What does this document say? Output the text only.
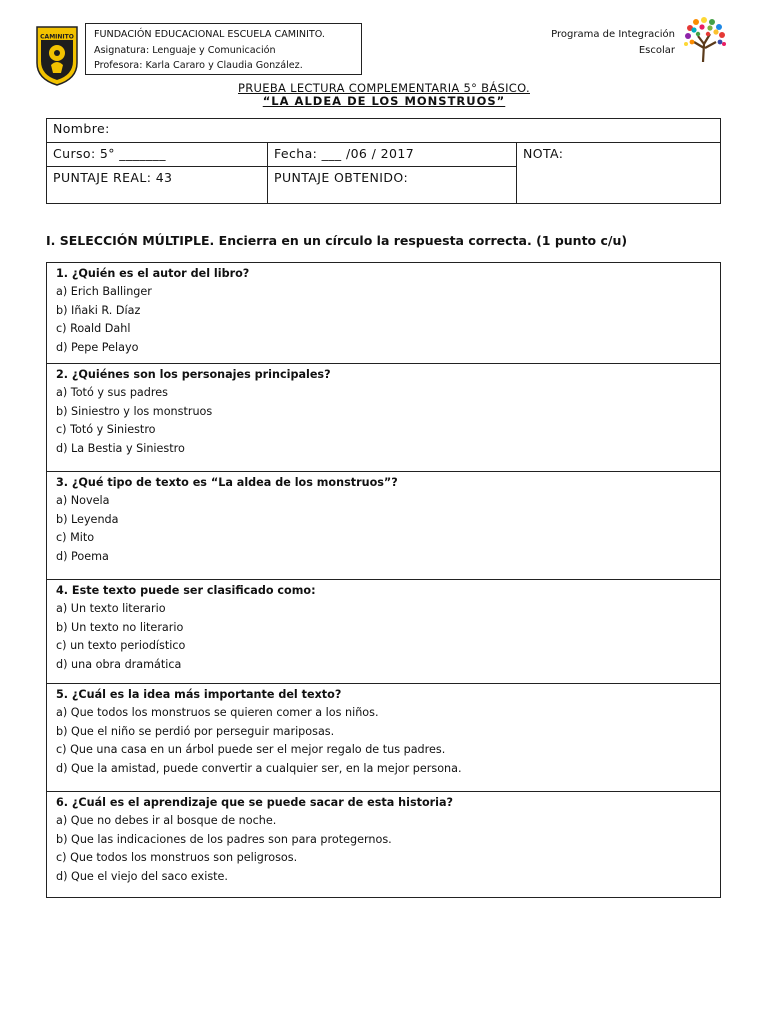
CAMINITO FUNDACIÓN EDUCACIONAL ESCUELA CAMINITO.
Asignatura: Lenguaje y Comunicación
Profesora: Karla Cararo y Claudia González.
Programa de Integración
Escolar
PRUEBA LECTURA COMPLEMENTARIA 5° BÁSICO.
“LA ALDEA DE LOS MONSTRUOS”
Nombre:
Curso: 5° _______	Fecha: ___ /06 / 2017	NOTA:
PUNTAJE REAL: 43	PUNTAJE OBTENIDO:
I. SELECCIÓN MÚLTIPLE. Encierra en un círculo la respuesta correcta. (1 punto c/u)
1. ¿Quién es el autor del libro?
a) Erich Ballinger
b) Iñaki R. Díaz
c) Roald Dahl
d) Pepe Pelayo
2. ¿Quiénes son los personajes principales?
a) Totó y sus padres
b) Siniestro y los monstruos
c) Totó y Siniestro
d) La Bestia y Siniestro
3. ¿Qué tipo de texto es “La aldea de los monstruos”?
a) Novela
b) Leyenda
c) Mito
d) Poema
4. Este texto puede ser clasificado como:
a) Un texto literario
b) Un texto no literario
c) un texto periodístico
d) una obra dramática
5. ¿Cuál es la idea más importante del texto?
a) Que todos los monstruos se quieren comer a los niños.
b) Que el niño se perdió por perseguir mariposas.
c) Que una casa en un árbol puede ser el mejor regalo de tus padres.
d) Que la amistad, puede convertir a cualquier ser, en la mejor persona.
6. ¿Cuál es el aprendizaje que se puede sacar de esta historia?
a) Que no debes ir al bosque de noche.
b) Que las indicaciones de los padres son para protegernos.
c) Que todos los monstruos son peligrosos.
d) Que el viejo del saco existe.
